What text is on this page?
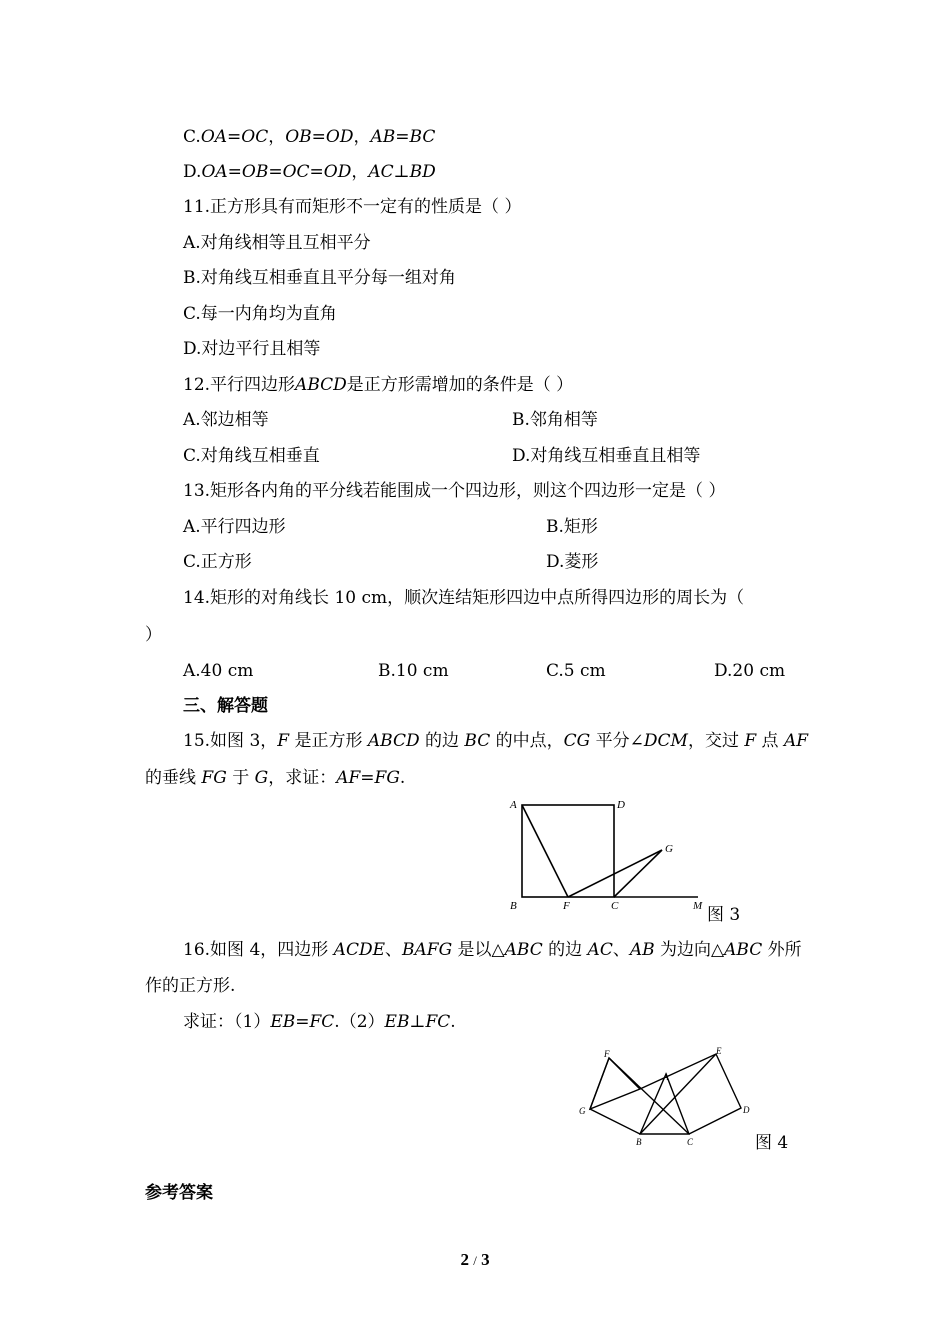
C.OA=OC，OB=OD，AB=BC
D.OA=OB=OC=OD，AC⊥BD
11.正方形具有而矩形不一定有的性质是（ ）
A.对角线相等且互相平分
B.对角线互相垂直且平分每一组对角
C.每一内角均为直角
D.对边平行且相等
12.平行四边形ABCD是正方形需增加的条件是（ ）
A.邻边相等	B.邻角相等
C.对角线互相垂直	D.对角线互相垂直且相等
13.矩形各内角的平分线若能围成一个四边形，则这个四边形一定是（ ）
A.平行四边形	B.矩形
C.正方形	D.菱形
14.矩形的对角线长 10 cm，顺次连结矩形四边中点所得四边形的周长为（
）
A.40 cm	B.10 cm	C.5 cm	D.20 cm
三、解答题
15.如图 3，F 是正方形 ABCD 的边 BC 的中点，CG 平分∠DCM，交过 F 点 AF
的垂线 FG 于 G，求证：AF=FG.
A	D
G
B	F	C	M 图 3
16.如图 4，四边形 ACDE、BAFG 是以△ABC 的边 AC、AB 为边向△ABC 外所
作的正方形.
求证：（1）EB=FC.（2）EB⊥FC.
F	E
A
G	D
B	C	图 4
参考答案
2 / 3
